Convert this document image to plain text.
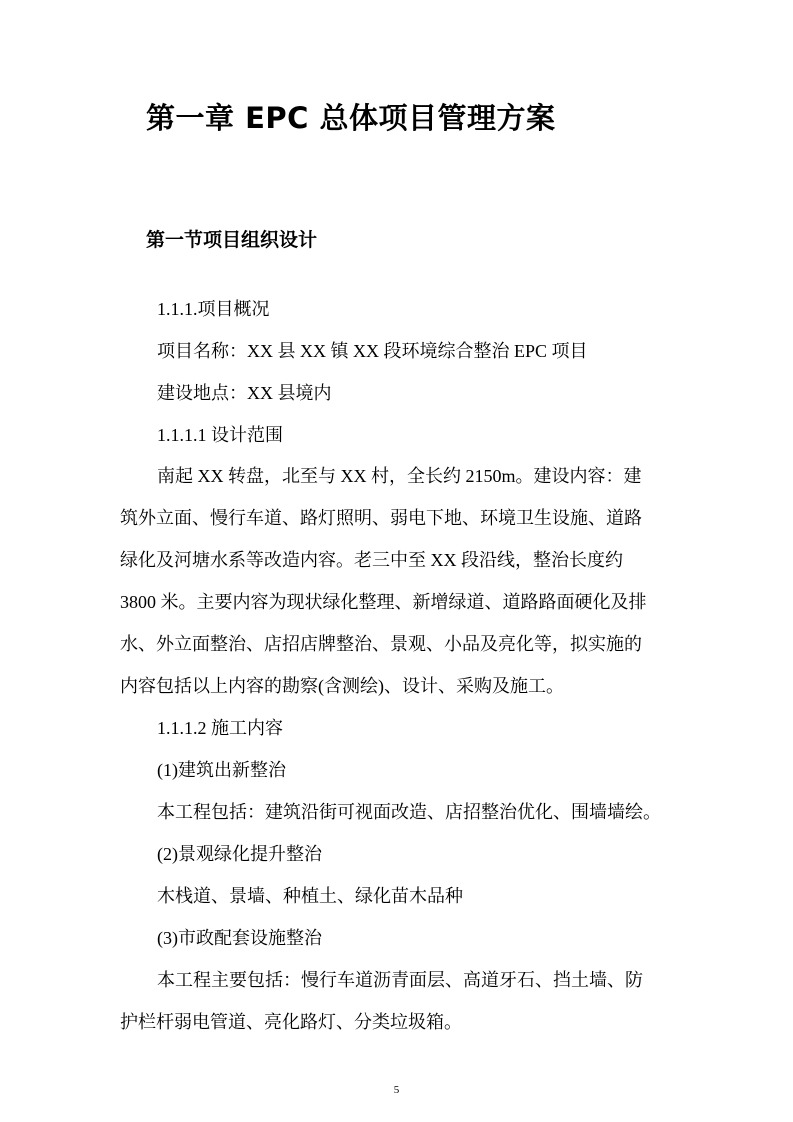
第一章 EPC 总体项目管理方案
第一节项目组织设计
1.1.1.项目概况
项目名称：XX 县 XX 镇 XX 段环境综合整治 EPC 项目
建设地点：XX 县境内
1.1.1.1 设计范围
南起 XX 转盘，北至与 XX 村，全长约 2150m。建设内容：建
筑外立面、慢行车道、路灯照明、弱电下地、环境卫生设施、道路
绿化及河塘水系等改造内容。老三中至 XX 段沿线，整治长度约
3800 米。主要内容为现状绿化整理、新增绿道、道路路面硬化及排
水、外立面整治、店招店牌整治、景观、小品及亮化等，拟实施的
内容包括以上内容的勘察(含测绘)、设计、采购及施工。
1.1.1.2 施工内容
(1)建筑出新整治
本工程包括：建筑沿街可视面改造、店招整治优化、围墙墙绘。
(2)景观绿化提升整治
木栈道、景墙、种植土、绿化苗木品种
(3)市政配套设施整治
本工程主要包括：慢行车道沥青面层、高道牙石、挡土墙、防
护栏杆弱电管道、亮化路灯、分类垃圾箱。
5
